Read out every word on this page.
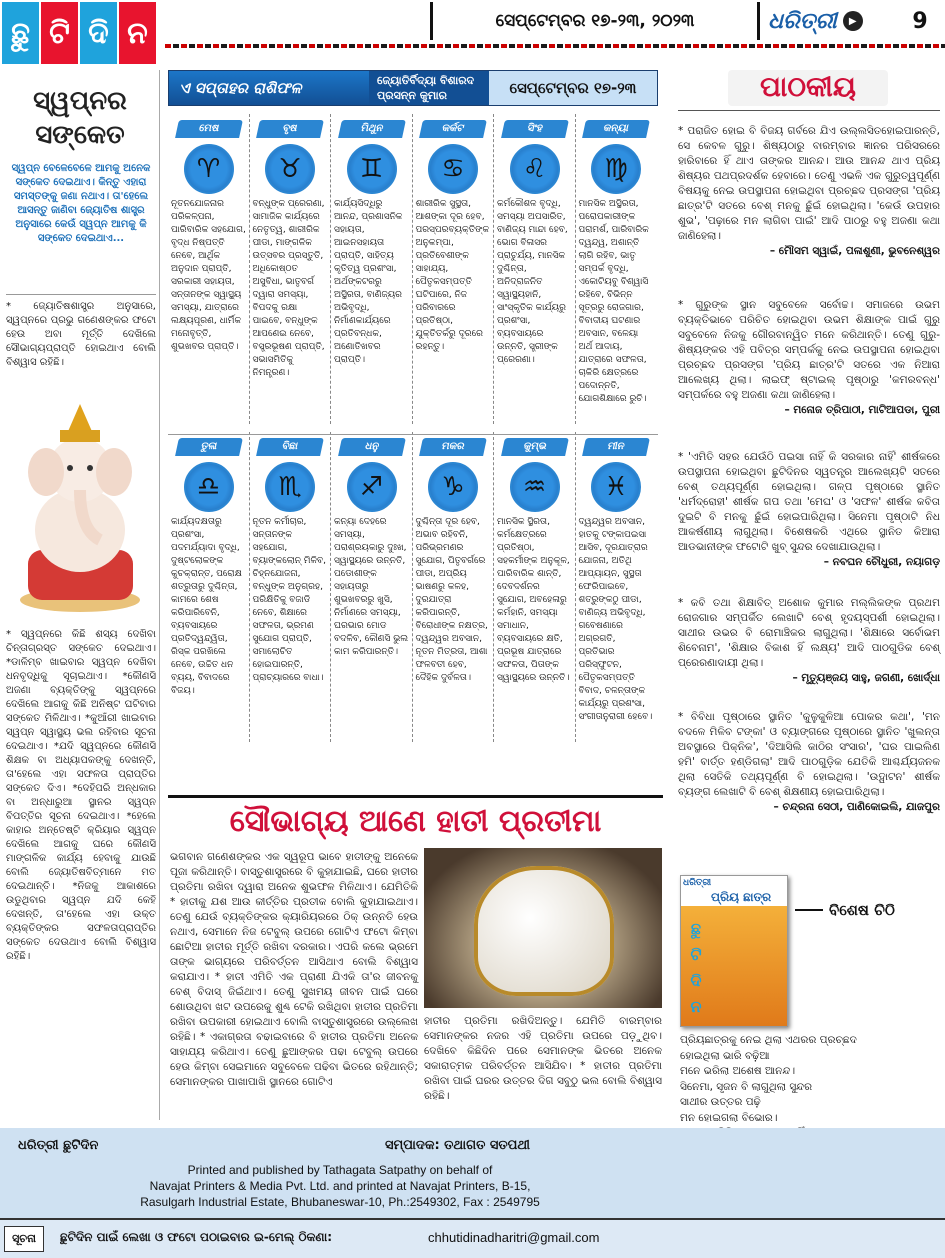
ଛୁ ଟି ଦି ନ	ସେପ୍ଟେମ୍ବର ୧୭-୨୩, ୨୦୨୩	ଧରିତ୍ରୀ	▶	9
ସ୍ୱପ୍ନର ସଙ୍କେତ
ସ୍ୱପ୍ନ ବେଳେବେଳେ ଆମକୁ ଅନେକ ସଙ୍କେତ ଦେଇଥାଏ। କିନ୍ତୁ ଏହାରା ସମସ୍ତଙ୍କୁ ଜଣା ନଥାଏ। ତା'ହେଲେ ଆସନ୍ତୁ ଜାଣିବା ଜ୍ୟୋତିଷ ଶାସ୍ତ୍ର ଅନୁସାରେ କେଉଁ ସ୍ୱପ୍ନ ଆମକୁ କି ସଙ୍କେତ ଦେଇଥାଏ...
* ଜ୍ୟୋତିଷଶାସ୍ତ୍ର ଅନୁସାରେ, ସ୍ୱପ୍ନରେ ପ୍ରଭୁ ଗଣେଶଙ୍କର ଫଟୋ ହେଉ ଅବା ମୂର୍ତ୍ତି ଦେଖିଲେ ସୌଭାଗ୍ୟପ୍ରାପ୍ତି ହୋଇଥାଏ ବୋଲି ବିଶ୍ୱାସ ରହିଛି।
* ସ୍ୱପ୍ନରେ କିଛି ଶସ୍ୟ ଦେଖିବା ଚିନ୍ତାଗ୍ରସ୍ତ ସଙ୍କେତ ଦେଇଥାଏ। *ଡାଳିମ୍ବ ଖାଇବାର ସ୍ୱପ୍ନ ଦେଖିବା ଧନବୃଦ୍ଧିକୁ ସୂଚାଇଥାଏ। *କୌଣସି ଅଜଣା ବ୍ୟକ୍ତିଙ୍କୁ ସ୍ୱପ୍ନରେ ଦେଖିଲେ ଆଗକୁ କିଛି ଅନିଷ୍ଟ ଘଟିବାର ସଙ୍କେତ ମିଳିଥାଏ। *କୁଆଁରୀ ଖାଇବାର ସ୍ୱପ୍ନ ସ୍ୱାସ୍ଥ୍ୟ ଭଲ ରହିବାର ସୂଚନା ଦେଇଥାଏ। *ଯଦି ସ୍ୱପ୍ନରେ କୌଣସି ଶିକ୍ଷକ ବା ଅଧ୍ୟାପକଙ୍କୁ ଦେଖନ୍ତି, ତା'ହେଲେ ଏହା ସଫଳତା ପ୍ରାପ୍ତିର ସଙ୍କେତ ଦିଏ। *ଦେହିପରି ଅନ୍ଧକାର ବା ଅନ୍ଧାରୁଆ ସ୍ଥାନର ସ୍ୱପ୍ନ ବିପତ୍ତିର ସୂଚନା ଦେଇଥାଏ। *ହେଲେ କାହାର ଅନ୍ତେଷ୍ଟି କ୍ରିୟାର ସ୍ୱପ୍ନ ଦେଖିଲେ ଆଗକୁ ଘରେ କୌଣସି ମାଙ୍ଗଳିକ କାର୍ଯ୍ୟ ହେବାକୁ ଯାଉଛି ବୋଲି ଜ୍ୟୋତିଷବିତ୍ମାନେ ମତ ଦେଇଥାନ୍ତି। *ନିଜକୁ ଆକାଶରେ ଉଡୁଥିବାର ସ୍ୱପ୍ନ ଯଦି କେହି ଦେଖନ୍ତି, ତା'ହେଲେ ଏହା ଉକ୍ତ ବ୍ୟକ୍ତିଙ୍କର ସଫଳତାପ୍ରାପ୍ତିର ସଙ୍କେତ ଦେଉଥାଏ ବୋଲି ବିଶ୍ୱାସ ରହିଛି।
ଏ ସପ୍ତାହର ରାଶିଫଳ	ଜ୍ୟୋତିର୍ବିଦ୍ୟା ବିଶାରଦ ପ୍ରସନ୍ନ କୁମାର ମହାପାତ୍ର
ସେପ୍ଟେମ୍ବର ୧୭-୨୩
ମେଷ
♈
ନୂତନଯୋଜନାର ପରିକଳ୍ପନା, ପାରିବାରିକ ସହଯୋଗ, ବୃଦ୍ଧ ନିଷ୍ପତ୍ତି ନେବେ, ଆର୍ଥିକ ଅନୁଦାନ ପ୍ରାପ୍ତି, ସରକାରୀ ସହାୟତା, ସନ୍ତାନଙ୍କ ସ୍ୱାସ୍ଥ୍ୟ ସମସ୍ୟା, ଯାତ୍ରାରେ ଲକ୍ଷ୍ୟପୂରଣ, ଧାର୍ମିକ ମନୋବୃତ୍ତି, ଶୁଭଖବର ପ୍ରାପ୍ତି।
ବୃଷ
♉
ବନ୍ଧୁଙ୍କ ପ୍ରେରଣା, ସାମାଜିକ କାର୍ଯ୍ୟରେ ନେତୃତ୍ୱ, ଶାରୀରିକ ପୀଡା, ମାଙ୍ଗଳିକ ଉତ୍ସବର ପ୍ରସ୍ତୁତି, ଅଧିକୋଷ୍ଠତ ଅସୁବିଧା, ଭାତୃବର୍ଗ ଦ୍ୱାରା ସମସ୍ୟା, ବିପଦକୁ ରକ୍ଷା ପାଇବେ, ବନ୍ଧୁଙ୍କ ଆପଣେଇ ନେବେ, ବସ୍ତ୍ରଭୂଷଣ ପ୍ରାପ୍ତି, ସଭାସମିତିକୁ ନିମନ୍ତ୍ରଣ।
ମିଥୁନ
♊
କାର୍ଯ୍ୟସିଦ୍ଧିରୁ ଆନନ୍ଦ, ପ୍ରଶାସନିକ ସହାୟତା, ଆଇନସହାୟତା ପ୍ରାପ୍ତି, ସାହିତ୍ୟ କୃତିତ୍ୱ ପ୍ରଶଂସା, ଅର୍ଥଙ୍କଟରରୁ ଅସ୍ଥିରତା, ବାଣିଜ୍ୟର ଅଭିବୃଦ୍ଧି, ନିର୍ମାଣକାର୍ଯ୍ୟରେ ପ୍ରତିବନ୍ଧକ, ଅଣୋତିଖବର ପ୍ରାପ୍ତି।
କର୍କଟ
♋
ଶାରୀରିକ ସୁସ୍ଥତା, ଆଶଙ୍କା ଦୂର ହେବ, ପରସ୍ପରବ୍ୟକ୍ତିଙ୍କ ଅନୁକମ୍ପା, ପ୍ରତିବେଶୀଙ୍କ ସାହାଯ୍ୟ, ପୈତୃକସମ୍ପତ୍ତି ଘଟିପାରେ, ନିଜ ପରିବାରରେ ପ୍ରତିଷ୍ଠା, ଯୁକ୍ତିତର୍କରୁ ଦୂରରେ ରହନ୍ତୁ।
ସିଂହ
♌
କର୍ମକୌଶଳ ବୃଦ୍ଧି, ସମସ୍ୟା ଅପସାରିତ, ବାଣିଜ୍ୟ ମାନ୍ଦା ହେବ, ଭୋଗ ବିଳାସର ପ୍ରାଚୁର୍ଯ୍ୟ, ମାନସିକ ଦୁଶ୍ଚିନ୍ତା, ଅନିଦ୍ରାଜନିତ ସ୍ୱାସ୍ଥ୍ୟହାନି, ସାଂସ୍କୃତିକ କାର୍ଯ୍ୟରୁ ପ୍ରଶଂସା, ବ୍ୟବସାୟରେ ଉନ୍ନତି, ସ୍ତ୍ରୀଙ୍କ ପ୍ରେରଣା।
କନ୍ୟା
♍
ମାନସିକ ଅସ୍ଥିରତା, ପରୋପକାରୀଙ୍କ ପରାମର୍ଶ, ପାରିବାରିକ ଦ୍ୱନ୍ଦ୍ୱ, ଅଶାନ୍ତି ଲାଗି ରହିବ, ଭାତୃ ସମ୍ପର୍କ ବୃଦ୍ଧି, ଏକୋଟିୟବୁ ବିଶ୍ୱାସି ରହିବେ, ବିଭିନ୍ନ ସୂତ୍ରରୁ ରୋଜଗାର, ବିବାଦୀୟ ଘଟଣାର ଅବସାନ, ବଳେୟା ଅର୍ଥ ଆଦାୟ, ଯାତ୍ରାରେ ସଫଳତା, ଚାକିରି କ୍ଷେତ୍ରରେ ପଦୋନ୍ନତି, ଯୋଗଶିକ୍ଷାରେ ରୁଚି।
ତୁଳା
♎
କାର୍ଯ୍ୟଦକ୍ଷତାରୁ ପ୍ରଶଂସା, ପଦମର୍ଯ୍ୟାଦା ବୃଦ୍ଧି, ଦୁଷ୍ଟଲୋକଙ୍କ କୁଚକ୍ରାନ୍ତ, ପରୋକ୍ଷ ଶତ୍ରୁତାରୁ ଦୁଶ୍ଚିନ୍ତା, କାମରେ ଶେଷ କରିପାରିବେନି, ବ୍ୟବସାୟରେ ପ୍ରତିଦ୍ୱନ୍ଦ୍ୱିତା, ରିସ୍କ ପରଖିଲେ ନେବେ, ଉଚ୍ଚିତ ଧନ ବ୍ୟୟ, ବିବାଦରେ ବିଜୟ।
ବିଛା
♏
ନୂତନ କର୍ମୀଚାର, ସନ୍ତାନଙ୍କ ସହଯୋଗ, ବ୍ୟାଙ୍କଲୋନ୍ ମିଳିବ, ଚିହ୍ନଯୋଜନା, ବନ୍ଧୁଙ୍କ ଅନୁଗ୍ରହ, ପରିକ୍ଷିତିକୁ ବଜାଡି ନେବେ, ଶିକ୍ଷାରେ ସଫଳତା, ଭ୍ରମଣ ସୁଯୋଗ ପ୍ରାପ୍ତି, ସମାଲୋଚିତ ହୋଇପାରନ୍ତି, ପ୍ରାଚ୍ୟାରରେ ବାଧା।
ଧନୁ
♐
କନ୍ୟା ଦେହରେ ସମସ୍ୟା, ପରାଶ୍ରୟକାରୁ ଦୁଃଖ, ସ୍ୱାସ୍ଥ୍ୟରେ ଉନ୍ନତି, ପଡୋଶୀଙ୍କ ସହାୟତାରୁ ଶୁଭଖବରରୁ ଖୁସି, ନିର୍ମାଣରେ ସମସ୍ୟା, ଘରଭାର ମୋଡ ବଦଳିବ, କୌଣସି ଭୁଲ କାମ କରିପାରନ୍ତି।
ମକର
♑
ଦୁଶ୍ଚିନ୍ତା ଦୂର ହେବ, ଅଭାବ ରହିବନି, ପରିଭ୍ରମଣର ସୁଯୋଗ, ପିତୃବର୍ଗରେ ପୀଡା, ଅପ୍ରିୟ ଭାଷଣରୁ କଳହ, ଦୁରଯାତ୍ରା କରିପାରନ୍ତି, ବିରୋଧୀଙ୍କ ନକ୍ଷତ୍ର, ଦ୍ୱନ୍ଦ୍ୱର ଅବସାନ, ନୂତନ ମିତ୍ରତା, ଆଶା ଫଳବତୀ ହେବ, ଦୈହିକ ଦୁର୍ବଳତା।
କୁମ୍ଭ
♒
ମାନସିକ ସ୍ଥିରତା, କର୍ମକ୍ଷେତ୍ରରେ ପ୍ରତିଷ୍ଠା, ସହକର୍ମୀଙ୍କ ଅନୁକୂଳ, ପାରିବାରିକ ଶାନ୍ତି, ଦେବଦର୍ଶନର ସୁଯୋଗ, ଅବହେଳାରୁ କର୍ମହାନି, ସମସ୍ୟା ସମାଧାନ, ବ୍ୟବସାୟରେ କ୍ଷତି, ପ୍ରଭୂଷ ଯାତ୍ରାରେ ସଫଳତା, ପିତାଙ୍କ ସ୍ୱାସ୍ଥ୍ୟରେ ଉନ୍ନତି।
ମୀନ
♓
ଦ୍ୱନ୍ଦ୍ୱର ଅବସାନ, ହାତକୁ ଟଙ୍କାପଇସା ଆସିବ, ଦୂରଯାତ୍ରାର ଯୋଜନା, ଅତିଥି ଆପ୍ୟାୟନ, ସୁସ୍ଥତା ଫେରିପାଇବେ, ଶତ୍ରୁଙ୍କଠୁ ପୀଡା, ବାଣିଜ୍ୟ ଅଭିବୃଦ୍ଧି, ଗବେଷଣାରେ ଅଗ୍ରଗତି, ପ୍ରତିଭାର ପରିସ୍ଫୁଟନ, ପୈତୃକସମ୍ପତ୍ତି ବିବାଦ, ଚଳନ୍ତାଙ୍କ କାର୍ଯ୍ୟରୁ ପ୍ରଶଂସା, ସଂଗୀତାନୁରାଗୀ ହେବେ।
ସୌଭାଗ୍ୟ ଆଣେ ହାତୀ ପ୍ରତୀମା
ଭଗବାନ ଗଣେଶଙ୍କର ଏକ ସ୍ୱରୂପ ଭାବେ ହାତୀଙ୍କୁ ଅନେକେ ପୂଜା କରିଥାନ୍ତି। ବାସ୍ତୁଶାସ୍ତ୍ରରେ ବି କୁହାଯାଇଛି, ଘରେ ହାତୀର ପ୍ରତିମା ରଖିବା ଦ୍ୱାରା ଅନେକ ଶୁଭଫଳ ମିଳିଥାଏ। ଯେମିତିକି * ହାତୀକୁ ଯଶ ଆଉ କୀର୍ତ୍ତିର ପ୍ରତୀକ ବୋଲି କୁହାଯାଇଥାଏ। ତେଣୁ ଯେଉଁ ବ୍ୟକ୍ତିଙ୍କର କ୍ୟାରିୟରରେ ଠିକ୍ ଉନ୍ନତି ହେଉ ନଥାଏ, ସେମାନେ ନିଜ ଟେବୁଲ୍ ଉପରେ ଗୋଟିଏ ଫଟୋ କିମ୍ବା ଛୋଟିଆ ହାତୀର ମୂର୍ତ୍ତି ରଖିବା ଦରକାର। ଏପରି କଲେ ଭ୍ରମେ ତାଙ୍କ ଭାଗ୍ୟରେ ପରିବର୍ତ୍ତନ ଆସିଥାଏ ବୋଲି ବିଶ୍ୱାସ କରାଯାଏ। * ହାତୀ ଏମିତି ଏକ ପ୍ରାଣୀ ଯିଏକି ତା'ର ଜୀବନକୁ ବେଶ୍ ବିଦାସ୍ ଜିଇଁଥାଏ। ତେଣୁ ସୁଖମୟ ଜୀବନ ପାଇଁ ଘରେ ଶୋଉଥିବା ଖଟ ଉପରେକୁ ଶୁଣ୍ଢ ଟେକି ରଖିଥିବା ହାତୀର ପ୍ରତିମା ରଖିବା ଉପକାରୀ ହୋଇଥାଏ ବୋଲି ବାସ୍ତୁଶାସ୍ତ୍ରରେ ଉଲ୍ଲେଖ ରହିଛି। * ଏକାଗ୍ରତା ବଢାଇବାରେ ବି ହାତୀର ପ୍ରତିମା ଅନେକ ସାହାଯ୍ୟ କରିଥାଏ। ତେଣୁ ଛୁଆଙ୍କର ପଢା ଟେବୁଲ୍ ଉପରେ ହେଉ କିମ୍ବା ସେଇମାନେ ସବୁବେଳେ ପଢିବା ଭିତରେ ରହିଥାନ୍ତି; ସେମାନଙ୍କର ପାଖାପାଖି ସ୍ଥାନରେ ଗୋଟିଏ
ହାତୀର ପ୍ରତିମା ରଖିଦିଅନ୍ତୁ। ଯେମିତି ବାରମ୍ବାର ସେମାନଙ୍କର ନଜର ଏହି ପ୍ରତିମା ଉପରେ ପଡ଼ୁଥିବ। ଦେଖିବେ କିଛିଦିନ ପରେ ସେମାନଙ୍କ ଭିତରେ ଅନେକ ସକାରାତ୍ମକ ପରିବର୍ତ୍ତନ ଆସିଯିବ। * ହାତୀର ପ୍ରତିମା ରଖିବା ପାଇଁ ଘରର ଉତ୍ତର ଦିଗ ସବୁଠୁ ଭଲ ବୋଲି ବିଶ୍ୱାସ ରହିଛି।
ପାଠକୀୟ
* ପରାଜିତ ହୋଇ ବି ବିଜୟ ଗର୍ବରେ ଯିଏ ଉଲ୍ଲସିତହୋଇପାରନ୍ତି, ସେ କେବଳ ଗୁରୁ। ଶିଷ୍ୟଠାରୁ ବାରମ୍ବାର ଜ୍ଞାନର ପରିସରରେ ହାରିବାରେ ହିଁ ଥାଏ ତାଙ୍କର ଆନନ୍ଦ। ଆଉ ଆନନ୍ଦ ଥାଏ ପ୍ରିୟ ଶିଷ୍ୟର ପଥପ୍ରଦର୍ଶକ ହେବାରେ। ତେଣୁ ଏଭଳି ଏକ ଗୁରୁତ୍ୱପୂର୍ଣ୍ଣ ବିଷୟକୁ ନେଇ ଉପସ୍ଥାପନା ହୋଇଥିବା ପ୍ରଚ୍ଛଦ ପ୍ରସଙ୍ଗ 'ପ୍ରିୟ ଛାତ୍ର'ଟି ସତରେ ବେଶ୍ ମନକୁ ଛୁଁଇଁ ହୋଇଥିଲା। 'କେଉଁ ଉପହାର ଶୁଭ', 'ପଢ଼ାରେ ମନ ଲାଗିବା ପାଇଁ' ଆଦି ପାଠରୁ ବହୁ ଅଜଣା କଥା ଜାଣିହେଲା।
– ମୌସମ ସ୍ୱାଇଁ, ପଳାଶୁଣୀ, ଭୁବନେଶ୍ୱର
* ଗୁରୁଙ୍କ ସ୍ଥାନ ସବୁବେଳେ ସର୍ବୋଚ୍ଚ। ସମାଜରେ ଉଭମ ବ୍ୟକ୍ତିଭାବେ ପରିଚିତ ହୋଇଥିବା ଉଭମ ଶିକ୍ଷାଙ୍କ ପାଇଁ ଗୁରୁ ସବୁବେଳେ ନିଜକୁ ଗୌରବାନ୍ୱିତ ମନେ କରିଥାନ୍ତି। ତେଣୁ ଗୁରୁ-ଶିଷ୍ୟଙ୍କର ଏହି ପବିତ୍ର ସମ୍ପର୍କକୁ ନେଇ ଉପସ୍ଥାପନା ହୋଇଥିବା ପ୍ରଚ୍ଛଦ ପ୍ରସଙ୍ଗ 'ପ୍ରିୟ ଛାତ୍ର'ଟି ସତରେ ଏକ ନିଆରା ଆଲେଖ୍ୟ ଥିଲା। ଲାଇଫ୍ ଷ୍ଟାଇଲ୍ ପୃଷ୍ଠାରୁ 'କମରବନ୍ଧ' ସମ୍ପର୍କରେ ବହୁ ଅଜଣା କଥା ଜାଣିହେଲା।
– ମନୋଜ ତ୍ରିପାଠୀ, ମାଟିଆପଡା, ପୁରୀ
* 'ଏମିତି ସହର ଯେଉଁଠି ପଇସା ନାହିଁ କି ସରକାର ନାହିଁ' ଶୀର୍ଷକରେ ଉପସ୍ଥାପନା ହୋଇଥିବା ଛୁଟିଦିନର ସ୍ୱତନ୍ତ୍ର ଆଲେଖ୍ୟଟି ସତରେ ବେଶ୍ ତଥ୍ୟପୂର୍ଣ୍ଣ ହୋଇଥିଲା। ଗଳ୍ପ ପୃଷ୍ଠାରେ ସ୍ଥାନିତ 'ଧର୍ମଦ୍ରୋହୀ' ଶୀର୍ଷକ ଗପ ତଥା 'ମେଘ' ଓ 'ସଫଳ' ଶୀର୍ଷକ କବିତା ଦୁଇଟି ବି ମନକୁ ଛୁଁଇଁ ହୋଇପାରିଥିଲା। ସିନେମା ପୃଷ୍ଠାଟି ନିଧ ଆକର୍ଷଣୀୟ ଲାଗୁଥିଲା। ବିଶେଷକରି ଏଥିରେ ସ୍ଥାନିତ କିଆରା ଆଡଭାନୀଙ୍କ ଫଟୋଟି ଖୁବ୍ ସୁନ୍ଦର ଦେଖାଯାଉଥିଲା।
– ନବଘନ ଚୌଧୁରୀ, ନୟାଗଡ଼
* କବି ତଥା ଶିକ୍ଷାବିତ୍ ଅଶୋକ କୁମାର ମଲ୍ଲିକଙ୍କ ପ୍ରଥମ ରୋଜଗାର ସମ୍ପର୍କିତ ଲେଖାଟି ବେଶ୍ ହୃଦୟସ୍ପର୍ଶୀ ହୋଇଥିଲା। ସାଥୀର ଉଭର ବି ରୋମାଞ୍ଚିକର ଲାଗୁଥିଲା। 'ଶିକ୍ଷାରେ ସର୍ବୋଭମ ଶିବେନାମ', 'ଶିକ୍ଷାର ବିକାଶ ହିଁ ଲକ୍ଷ୍ୟ' ଆଦି ପାଠଗୁଡିକ ବେଶ୍ ପ୍ରେରଣାଦାୟୀ ଥିଲା।
– ମୃତ୍ୟୁଞ୍ଜୟ ସାହୁ, ଜଗଣୀ, ଖୋର୍ଦ୍ଧା
* ବିବିଧା ପୃଷ୍ଠାରେ ସ୍ଥାନିତ 'କୁଳୁକୁଳିଆ ପୋକର କଥା', 'ମନ ବଦଳେ ମିଳିବ ଟଙ୍କା' ଓ ବ୍ୟାଙ୍ଗରେ ପୃଷ୍ଠାରେ ସ୍ଥାନିତ 'ଖୁଲନ୍ତା ଅବସ୍ଥାରେ ପିକ୍ନିକ', 'ଦିଆସିଲି କାଠିର ସଂସାର', 'ଘର ପାଇଲିଣ ହମି' ବାର୍ତ୍ତ ହଣ୍ଡିଗଲା' ଆଦି ପାଠଗୁଡ଼ିକ ଯେତିକି ଆଶ୍ଚର୍ଯ୍ୟଜନକ ଥିଲା ସେତିକି ତଥ୍ୟପୂର୍ଣ୍ଣ ବି ହୋଇଥିଲା। 'ଉଦ୍ଘାଟନ' ଶୀର୍ଷକ ବ୍ୟଙ୍ଗ ଲେଖାଟି ବି ବେଶ୍ ଶିକ୍ଷଣୀୟ ହୋଇପାରିଥିଲା।
– ଚନ୍ଦ୍ରନା ସେଠୀ, ପାଣିକୋଇଲି, ଯାଜପୁର
ଧରିତ୍ରୀ
ଛୁ
ଟି
ଦି
ନ
ପ୍ରିୟ ଛାତ୍ର
ବିଶେଷ ଚିଠି
ପ୍ରିୟଛାତ୍ରକୁ ନେଇ ଥିଲା ଏଥରର ପ୍ରଚ୍ଛଦ
ହୋଇଥିଲା ଭାରି ବଢ଼ିଆ
ମନେ ଭରିଲା ଅଶେଷ ଆନନ୍ଦ।
ସିନେମା, ସୃଜନ ବି ଲାଗୁଥିଲା ସୁନ୍ଦର
ସାଥୀର ଉତ୍ତର ପଢ଼ି
ମନ ହୋଇଗଲା ବିଭୋର।
ଧରିତ୍ରୀ ଛୁଟିଦିନ	ସମ୍ପାଦକ: ତଥାଗତ ସତପଥୀ
Printed and published by Tathagata Satpathy on behalf of
Navajat Printers & Media Pvt. Ltd. and printed at Navajat Printers, B-15,
Rasulgarh Industrial Estate, Bhubaneswar-10, Ph.:2549302, Fax : 2549795
ସୂଚନା	ଛୁଟିଦିନ ପାଇଁ ଲେଖା ଓ ଫଟୋ ପଠାଇବାର ଇ-ମେଲ୍ ଠିକଣା:	chhutidinadharitri@gmail.com
